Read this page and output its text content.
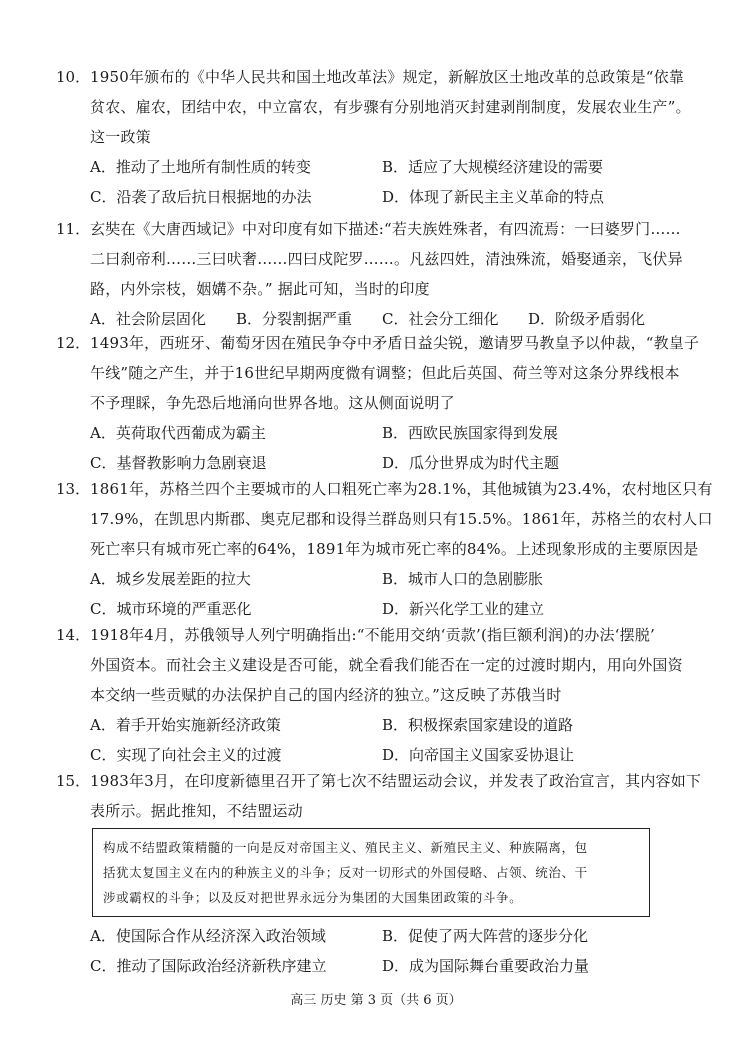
10． 1950年颁布的《中华人民共和国土地改革法》规定，新解放区土地改革的总政策是“依靠
贫农、雇农，团结中农，中立富农，有步骤有分别地消灭封建剥削制度，发展农业生产”。
这一政策
A．推动了土地所有制性质的转变	B．适应了大规模经济建设的需要
C．沿袭了敌后抗日根据地的办法	D．体现了新民主主义革命的特点
11． 玄奘在《大唐西域记》中对印度有如下描述:“若夫族姓殊者，有四流焉：一曰婆罗门……
二曰刹帝利……三曰吠奢……四曰戍陀罗……。凡兹四姓，清浊殊流，婚娶通亲，飞伏异
路，内外宗枝，姻媾不杂。” 据此可知，当时的印度
A．社会阶层固化 B．分裂割据严重 C．社会分工细化 D．阶级矛盾弱化
12． 1493年，西班牙、葡萄牙因在殖民争夺中矛盾日益尖锐，邀请罗马教皇予以仲裁，“教皇子
午线”随之产生，并于16世纪早期两度微有调整；但此后英国、荷兰等对这条分界线根本
不予理睬，争先恐后地涌向世界各地。这从侧面说明了
A．英荷取代西葡成为霸主	B．西欧民族国家得到发展
C．基督教影响力急剧衰退	D．瓜分世界成为时代主题
13． 1861年，苏格兰四个主要城市的人口粗死亡率为28.1%，其他城镇为23.4%，农村地区只有
17.9%，在凯思内斯郡、奥克尼郡和设得兰群岛则只有15.5%。1861年，苏格兰的农村人口
死亡率只有城市死亡率的64%，1891年为城市死亡率的84%。上述现象形成的主要原因是
A．城乡发展差距的拉大	B．城市人口的急剧膨胀
C．城市环境的严重恶化	D．新兴化学工业的建立
14． 1918年4月，苏俄领导人列宁明确指出:“不能用交纳‘贡款’(指巨额利润)的办法‘摆脱’
外国资本。而社会主义建设是否可能，就全看我们能否在一定的过渡时期内，用向外国资
本交纳一些贡赋的办法保护自己的国内经济的独立。”这反映了苏俄当时
A．着手开始实施新经济政策	B．积极探索国家建设的道路
C．实现了向社会主义的过渡	D．向帝国主义国家妥协退让
15． 1983年3月，在印度新德里召开了第七次不结盟运动会议，并发表了政治宣言，其内容如下
表所示。据此推知，不结盟运动
构成不结盟政策精髓的一向是反对帝国主义、殖民主义、新殖民主义、种族隔离，包
括犹太复国主义在内的种族主义的斗争；反对一切形式的外国侵略、占领、统治、干
涉或霸权的斗争；以及反对把世界永远分为集团的大国集团政策的斗争。
A．使国际合作从经济深入政治领域	B．促使了两大阵营的逐步分化
C．推动了国际政治经济新秩序建立	D．成为国际舞台重要政治力量
高三 历史 第 3 页（共 6 页）
